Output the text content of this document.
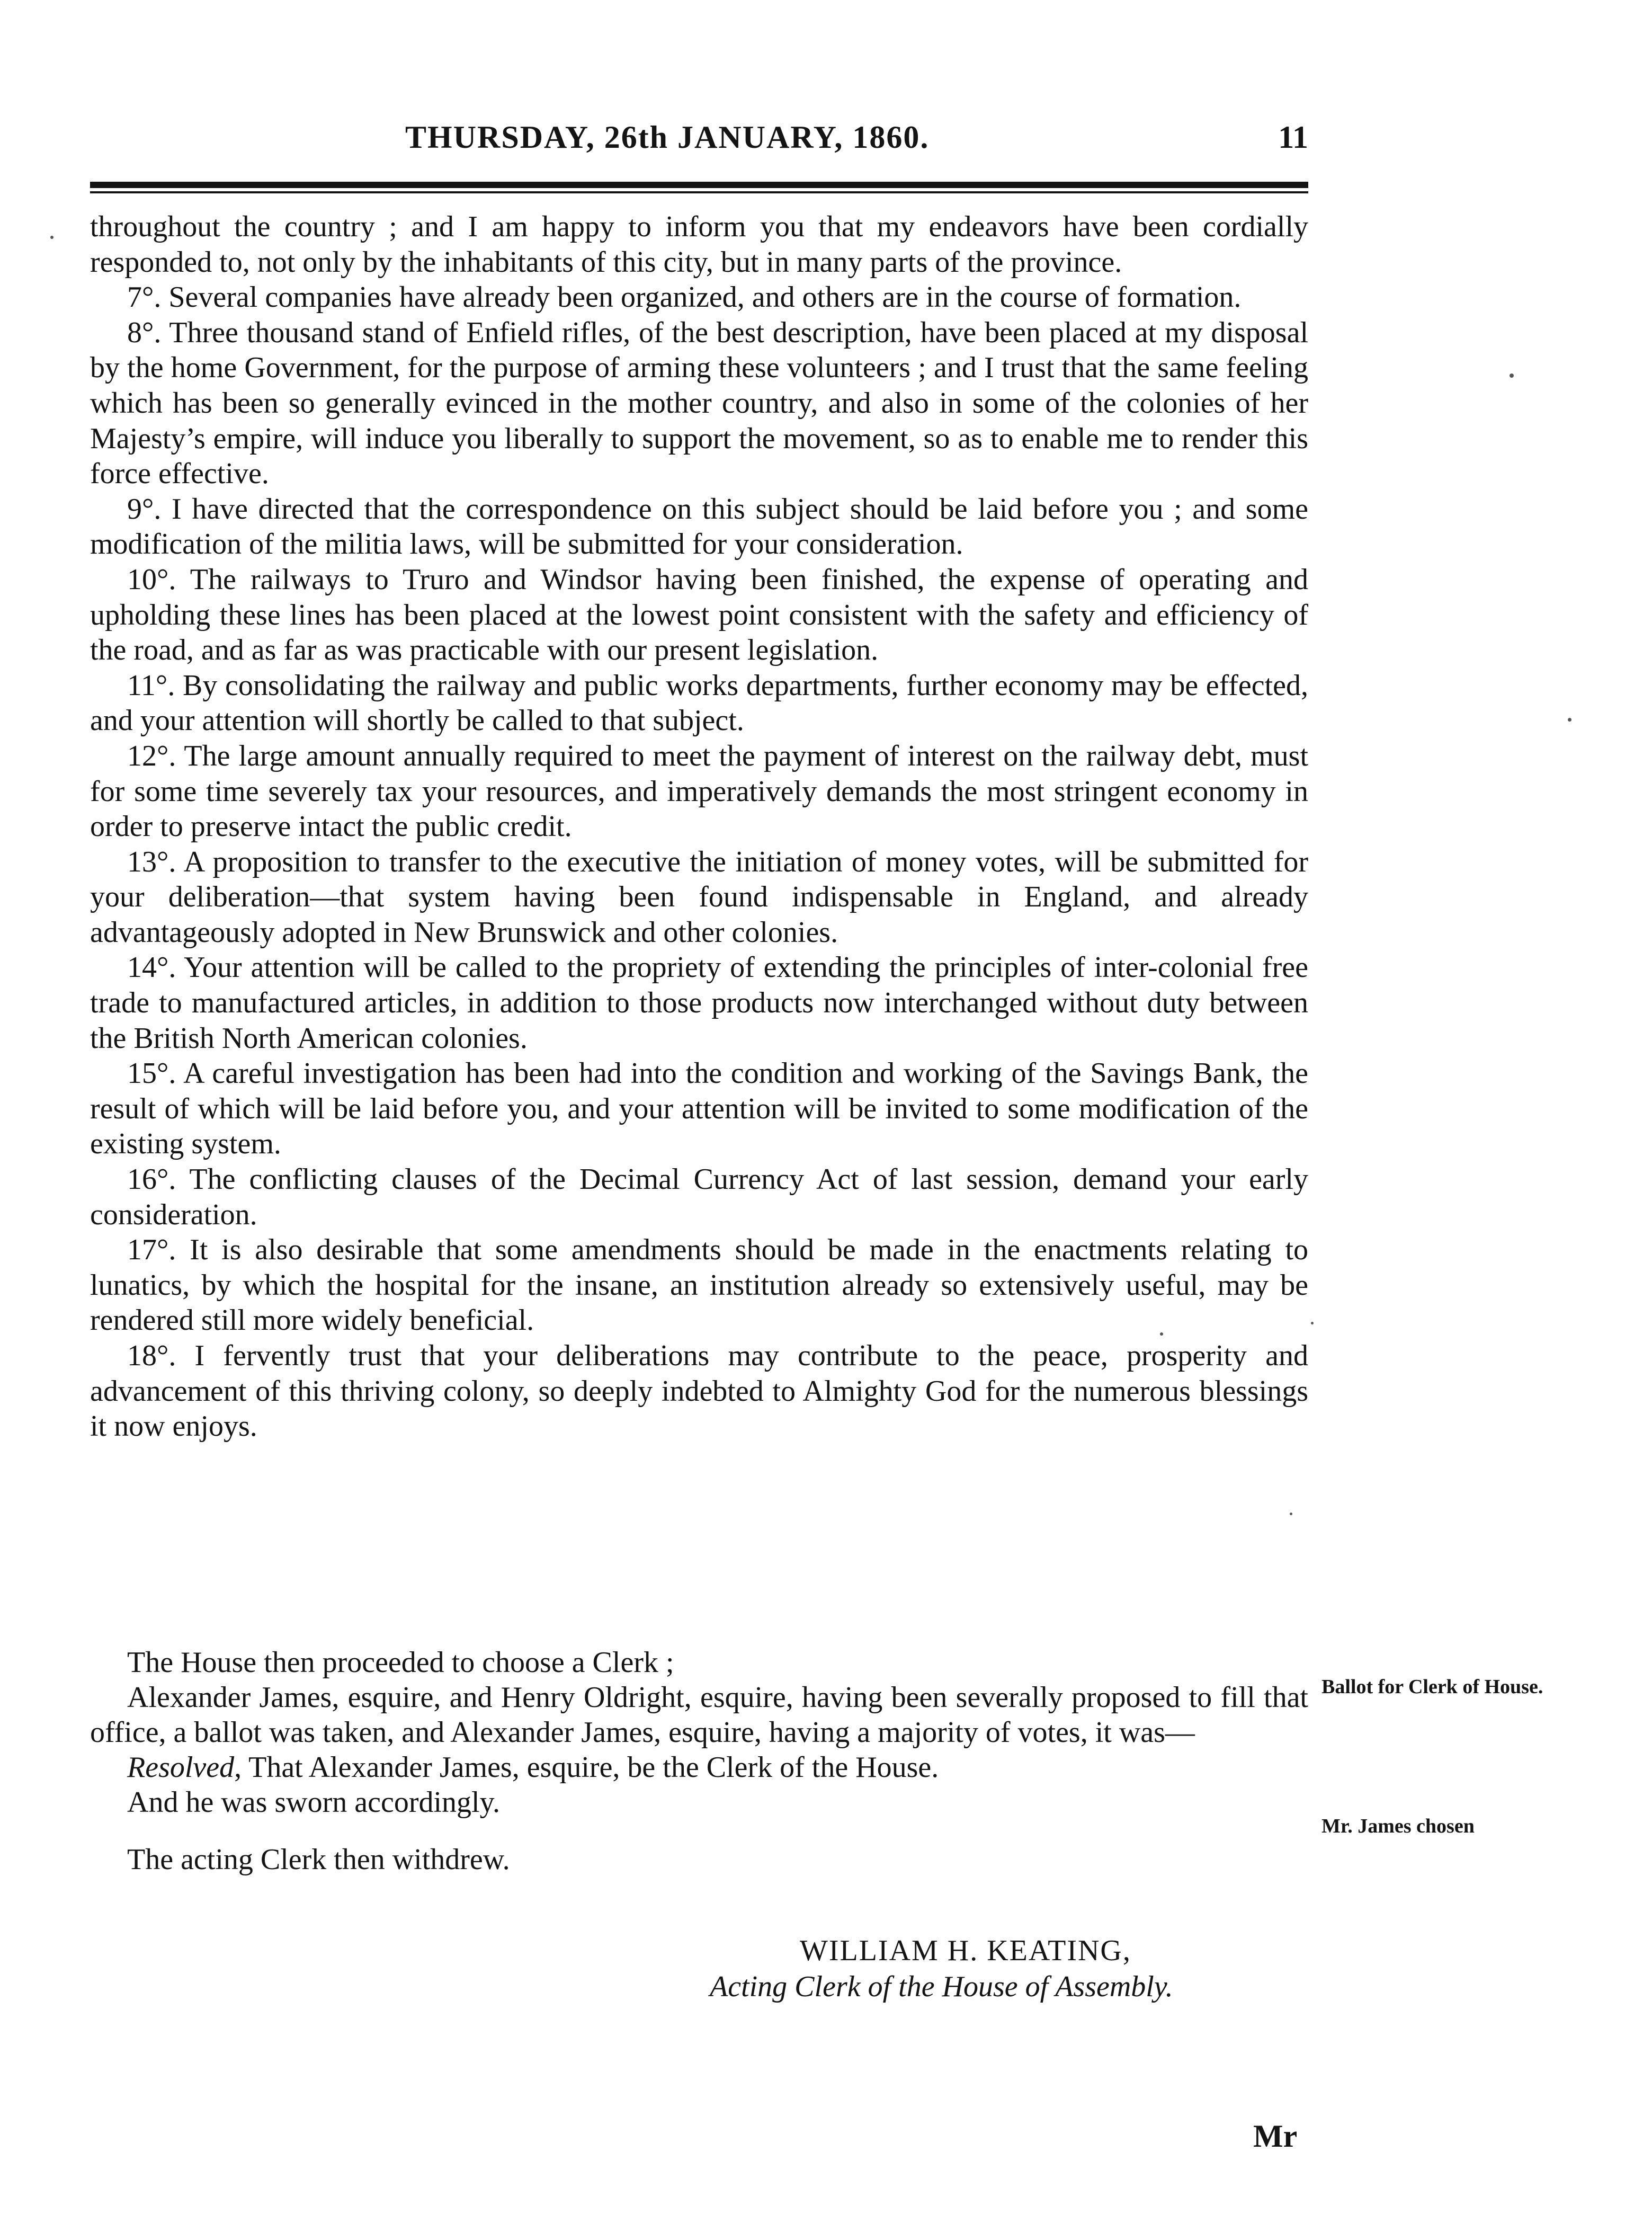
THURSDAY, 26th JANUARY, 1860.	11

throughout the country ; and I am happy to inform you that my endeavors have been cordially responded to, not only by the inhabitants of this city, but in many parts of the province.

7°. Several companies have already been organized, and others are in the course of formation.

8°. Three thousand stand of Enfield rifles, of the best description, have been placed at my disposal by the home Government, for the purpose of arming these volunteers ; and I trust that the same feeling which has been so generally evinced in the mother country, and also in some of the colonies of her Majesty’s empire, will induce you liberally to support the movement, so as to enable me to render this force effective.

9°. I have directed that the correspondence on this subject should be laid before you ; and some modification of the militia laws, will be submitted for your consideration.

10°. The railways to Truro and Windsor having been finished, the expense of operating and upholding these lines has been placed at the lowest point consistent with the safety and efficiency of the road, and as far as was practicable with our present legislation.

11°. By consolidating the railway and public works departments, further economy may be effected, and your attention will shortly be called to that subject.

12°. The large amount annually required to meet the payment of interest on the railway debt, must for some time severely tax your resources, and imperatively demands the most stringent economy in order to preserve intact the public credit.

13°. A proposition to transfer to the executive the initiation of money votes, will be submitted for your deliberation—that system having been found indispensable in England, and already advantageously adopted in New Brunswick and other colonies.

14°. Your attention will be called to the propriety of extending the principles of inter-colonial free trade to manufactured articles, in addition to those products now interchanged without duty between the British North American colonies.

15°. A careful investigation has been had into the condition and working of the Savings Bank, the result of which will be laid before you, and your attention will be invited to some modification of the existing system.

16°. The conflicting clauses of the Decimal Currency Act of last session, demand your early consideration.

17°. It is also desirable that some amendments should be made in the enactments relating to lunatics, by which the hospital for the insane, an institution already so extensively useful, may be rendered still more widely beneficial.

18°. I fervently trust that your deliberations may contribute to the peace, prosperity and advancement of this thriving colony, so deeply indebted to Almighty God for the numerous blessings it now enjoys.

The House then proceeded to choose a Clerk ;

Alexander James, esquire, and Henry Oldright, esquire, having been severally proposed to fill that office, a ballot was taken, and Alexander James, esquire, having a majority of votes, it was—

Resolved, That Alexander James, esquire, be the Clerk of the House.

And he was sworn accordingly.

The acting Clerk then withdrew.

WILLIAM H. KEATING,
Acting Clerk of the House of Assembly.
Ballot for Clerk of House.
Mr. James chosen
Mr
